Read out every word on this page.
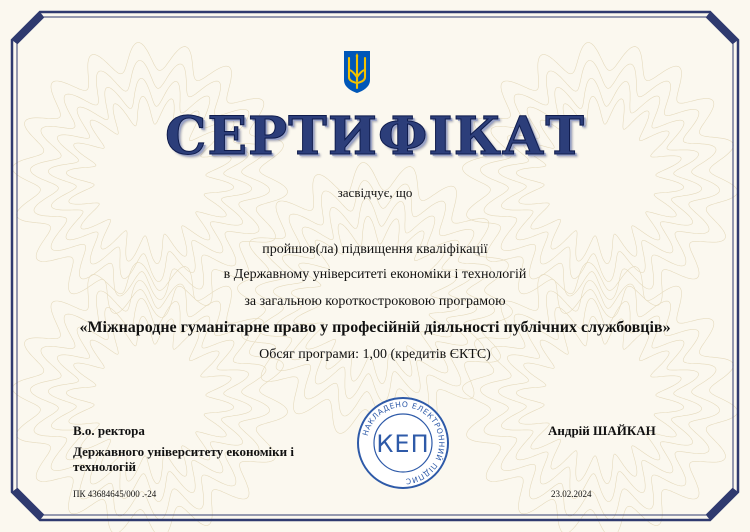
СЕРТИФІКАТ
засвідчує, що
пройшов(ла) підвищення кваліфікації
в Державному університеті економіки і технологій
за загальною короткостроковою програмою
«Міжнародне гуманітарне право у професійній діяльності публічних службовців»
Обсяг програми: 1,00 (кредитів ЄКТС)
В.о. ректора
Державного університету економіки і технологій
Андрій ШАЙКАН
НАКЛАДЕНО ЕЛЕКТРОННИЙ ПІДПИС
КЕП
ПК 43684645/000 .-24	23.02.2024
